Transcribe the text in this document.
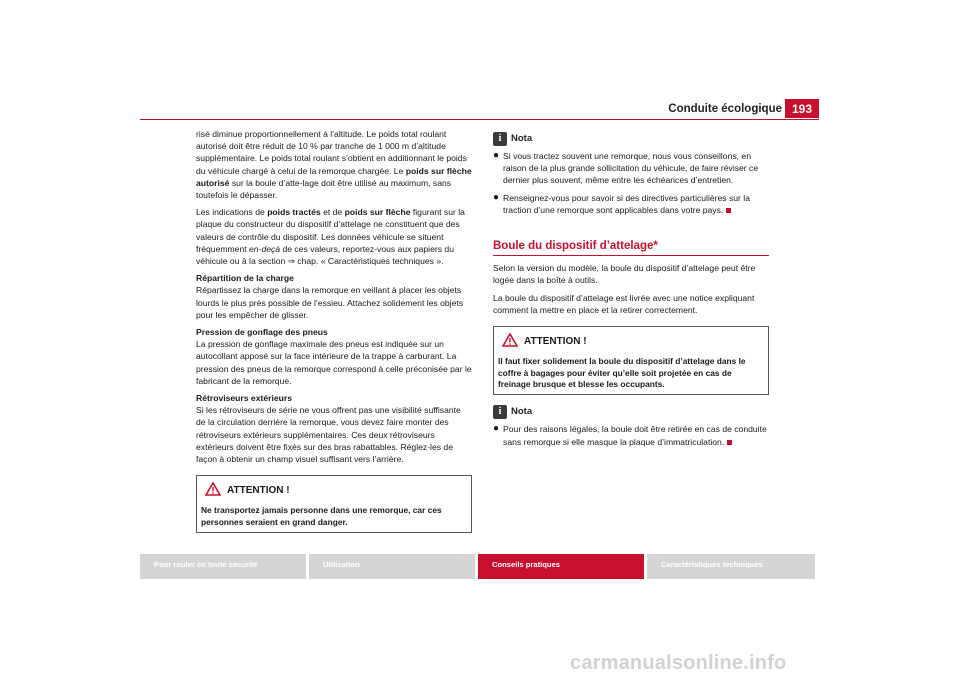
Conduite écologique 193

risé diminue proportionnellement à l’altitude. Le poids total roulant autorisé doit être réduit de 10 % par tranche de 1 000 m d’altitude supplémentaire. Le poids total roulant s’obtient en additionnant le poids du véhicule chargé à celui de la remorque chargée. Le poids sur flèche autorisé sur la boule d’atte-lage doit être utilisé au maximum, sans toutefois le dépasser.

Les indications de poids tractés et de poids sur flèche figurant sur la plaque du constructeur du dispositif d’attelage ne constituent que des valeurs de contrôle du dispositif. Les données véhicule se situent fréquemment en-deçà de ces valeurs, reportez-vous aux papiers du véhicule ou à la section ⇒ chap. « Caractéristiques techniques ».

Répartition de la charge

Répartissez la charge dans la remorque en veillant à placer les objets lourds le plus près possible de l’essieu. Attachez solidement les objets pour les empêcher de glisser.

Pression de gonflage des pneus

La pression de gonflage maximale des pneus est indiquée sur un autocollant apposé sur la face intérieure de la trappe à carburant. La pression des pneus de la remorque correspond à celle préconisée par le fabricant de la remorque.

Rétroviseurs extérieurs

Si les rétroviseurs de série ne vous offrent pas une visibilité suffisante de la circulation derrière la remorque, vous devez faire monter des rétroviseurs extérieurs supplémentaires. Ces deux rétroviseurs extérieurs doivent être fixés sur des bras rabattables. Réglez-les de façon à obtenir un champ visuel suffisant vers l’arrière.

ATTENTION !
Ne transportez jamais personne dans une remorque, car ces personnes seraient en grand danger.
i	Nota
● Si vous tractez souvent une remorque, nous vous conseillons, en raison de la plus grande sollicitation du véhicule, de faire réviser ce dernier plus souvent, même entre les échéances d’entretien.
● Renseignez-vous pour savoir si des directives particulières sur la traction d’une remorque sont applicables dans votre pays.
Boule du dispositif d’attelage*

Selon la version du modèle, la boule du dispositif d’attelage peut être logée dans la boîte à outils.

La boule du dispositif d’attelage est livrée avec une notice expliquant comment la mettre en place et la retirer correctement.

ATTENTION !
Il faut fixer solidement la boule du dispositif d’attelage dans le coffre à bagages pour éviter qu’elle soit projetée en cas de freinage brusque et blesse les occupants.
i	Nota
● Pour des raisons légales, la boule doit être retirée en cas de conduite sans remorque si elle masque la plaque d’immatriculation.
Pour rouler en toute sécurité	Utilisation	Conseils pratiques	Caractéristiques techniques
carmanualsonline.info
